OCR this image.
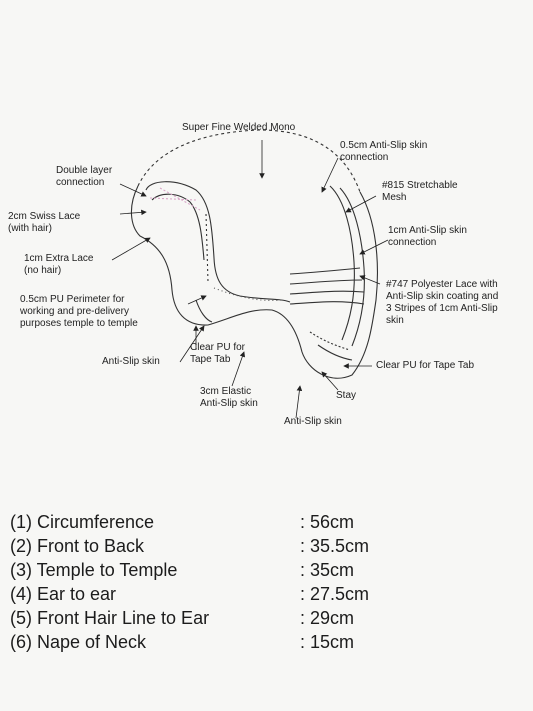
Super Fine Welded Mono
0.5cm Anti-Slip skin
connection
Double layer
connection	#815 Stretchable
Mesh
2cm Swiss Lace
(with hair)	1cm Anti-Slip skin
connection
1cm Extra Lace
(no hair)
#747 Polyester Lace with
Anti-Slip skin coating and
3 Stripes of 1cm Anti-Slip
skin
0.5cm PU Perimeter for
working and pre-delivery
purposes temple to temple
Clear PU for
Tape Tab
Anti-Slip skin	Clear PU for Tape Tab
3cm Elastic
Anti-Slip skin
Stay
Anti-Slip skin
(1) Circumference	: 56cm
(2) Front to Back	: 35.5cm
(3) Temple to Temple	: 35cm
(4) Ear to ear	: 27.5cm
(5) Front Hair Line to Ear	: 29cm
(6) Nape of Neck	: 15cm
